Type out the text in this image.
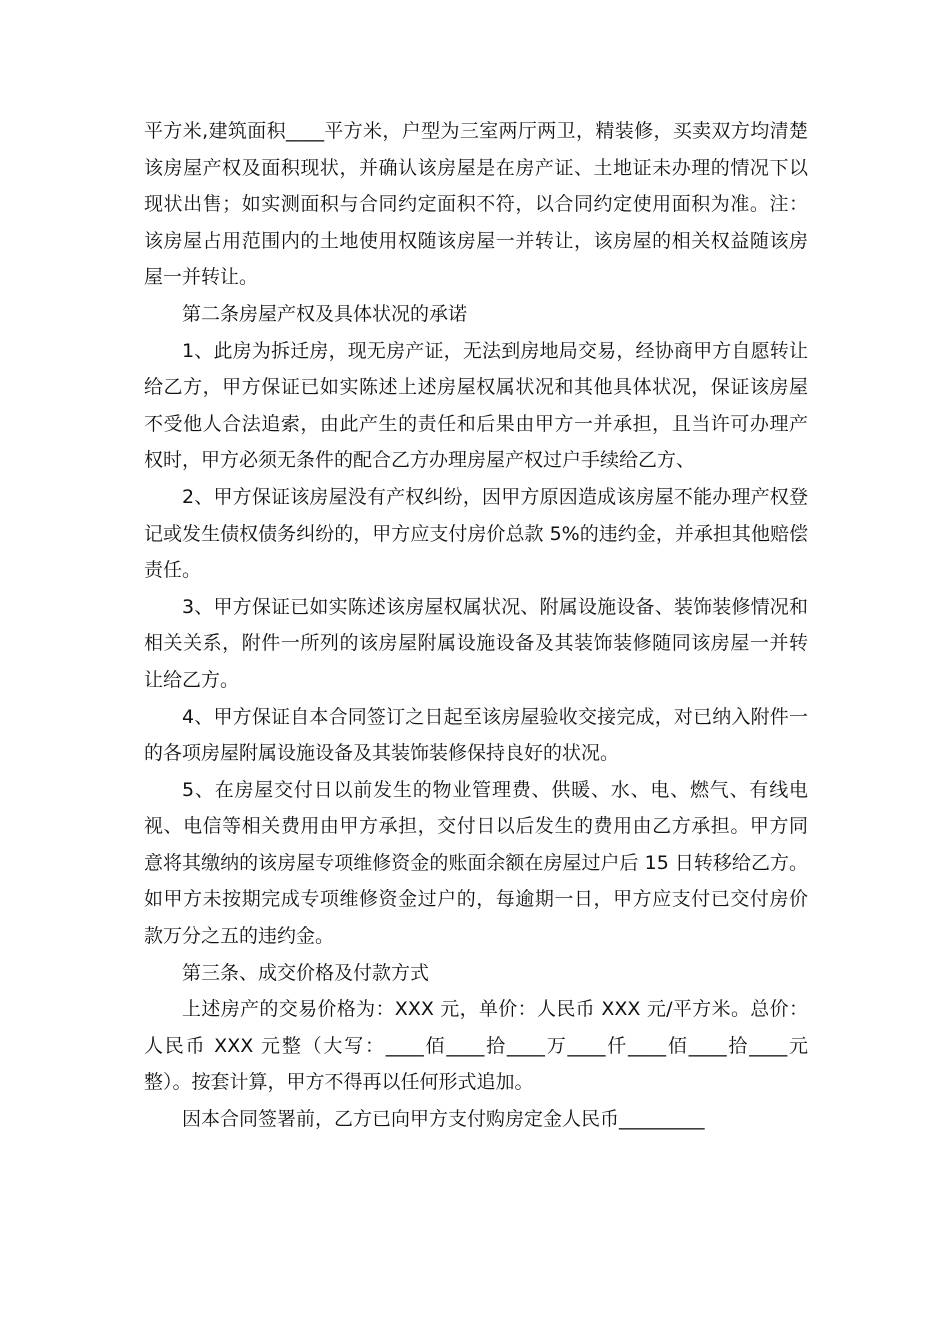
平方米,建筑面积____平方米，户型为三室两厅两卫，精装修，买卖双方均清楚该房屋产权及面积现状，并确认该房屋是在房产证、土地证未办理的情况下以现状出售；如实测面积与合同约定面积不符，以合同约定使用面积为准。注：该房屋占用范围内的土地使用权随该房屋一并转让，该房屋的相关权益随该房屋一并转让。

第二条房屋产权及具体状况的承诺

1、此房为拆迁房，现无房产证，无法到房地局交易，经协商甲方自愿转让给乙方，甲方保证已如实陈述上述房屋权属状况和其他具体状况，保证该房屋不受他人合法追索，由此产生的责任和后果由甲方一并承担，且当许可办理产权时，甲方必须无条件的配合乙方办理房屋产权过户手续给乙方、

2、甲方保证该房屋没有产权纠纷，因甲方原因造成该房屋不能办理产权登记或发生债权债务纠纷的，甲方应支付房价总款 5%的违约金，并承担其他赔偿责任。

3、甲方保证已如实陈述该房屋权属状况、附属设施设备、装饰装修情况和相关关系，附件一所列的该房屋附属设施设备及其装饰装修随同该房屋一并转让给乙方。

4、甲方保证自本合同签订之日起至该房屋验收交接完成，对已纳入附件一的各项房屋附属设施设备及其装饰装修保持良好的状况。

5、在房屋交付日以前发生的物业管理费、供暖、水、电、燃气、有线电视、电信等相关费用由甲方承担，交付日以后发生的费用由乙方承担。甲方同意将其缴纳的该房屋专项维修资金的账面余额在房屋过户后 15 日转移给乙方。如甲方未按期完成专项维修资金过户的，每逾期一日，甲方应支付已交付房价款万分之五的违约金。

第三条、成交价格及付款方式

上述房产的交易价格为：XXX 元，单价：人民币 XXX 元/平方米。总价：人民币 XXX 元整（大写：____佰____拾____万____仟____佰____拾____元整）。按套计算，甲方不得再以任何形式追加。

因本合同签署前，乙方已向甲方支付购房定金人民币_________
